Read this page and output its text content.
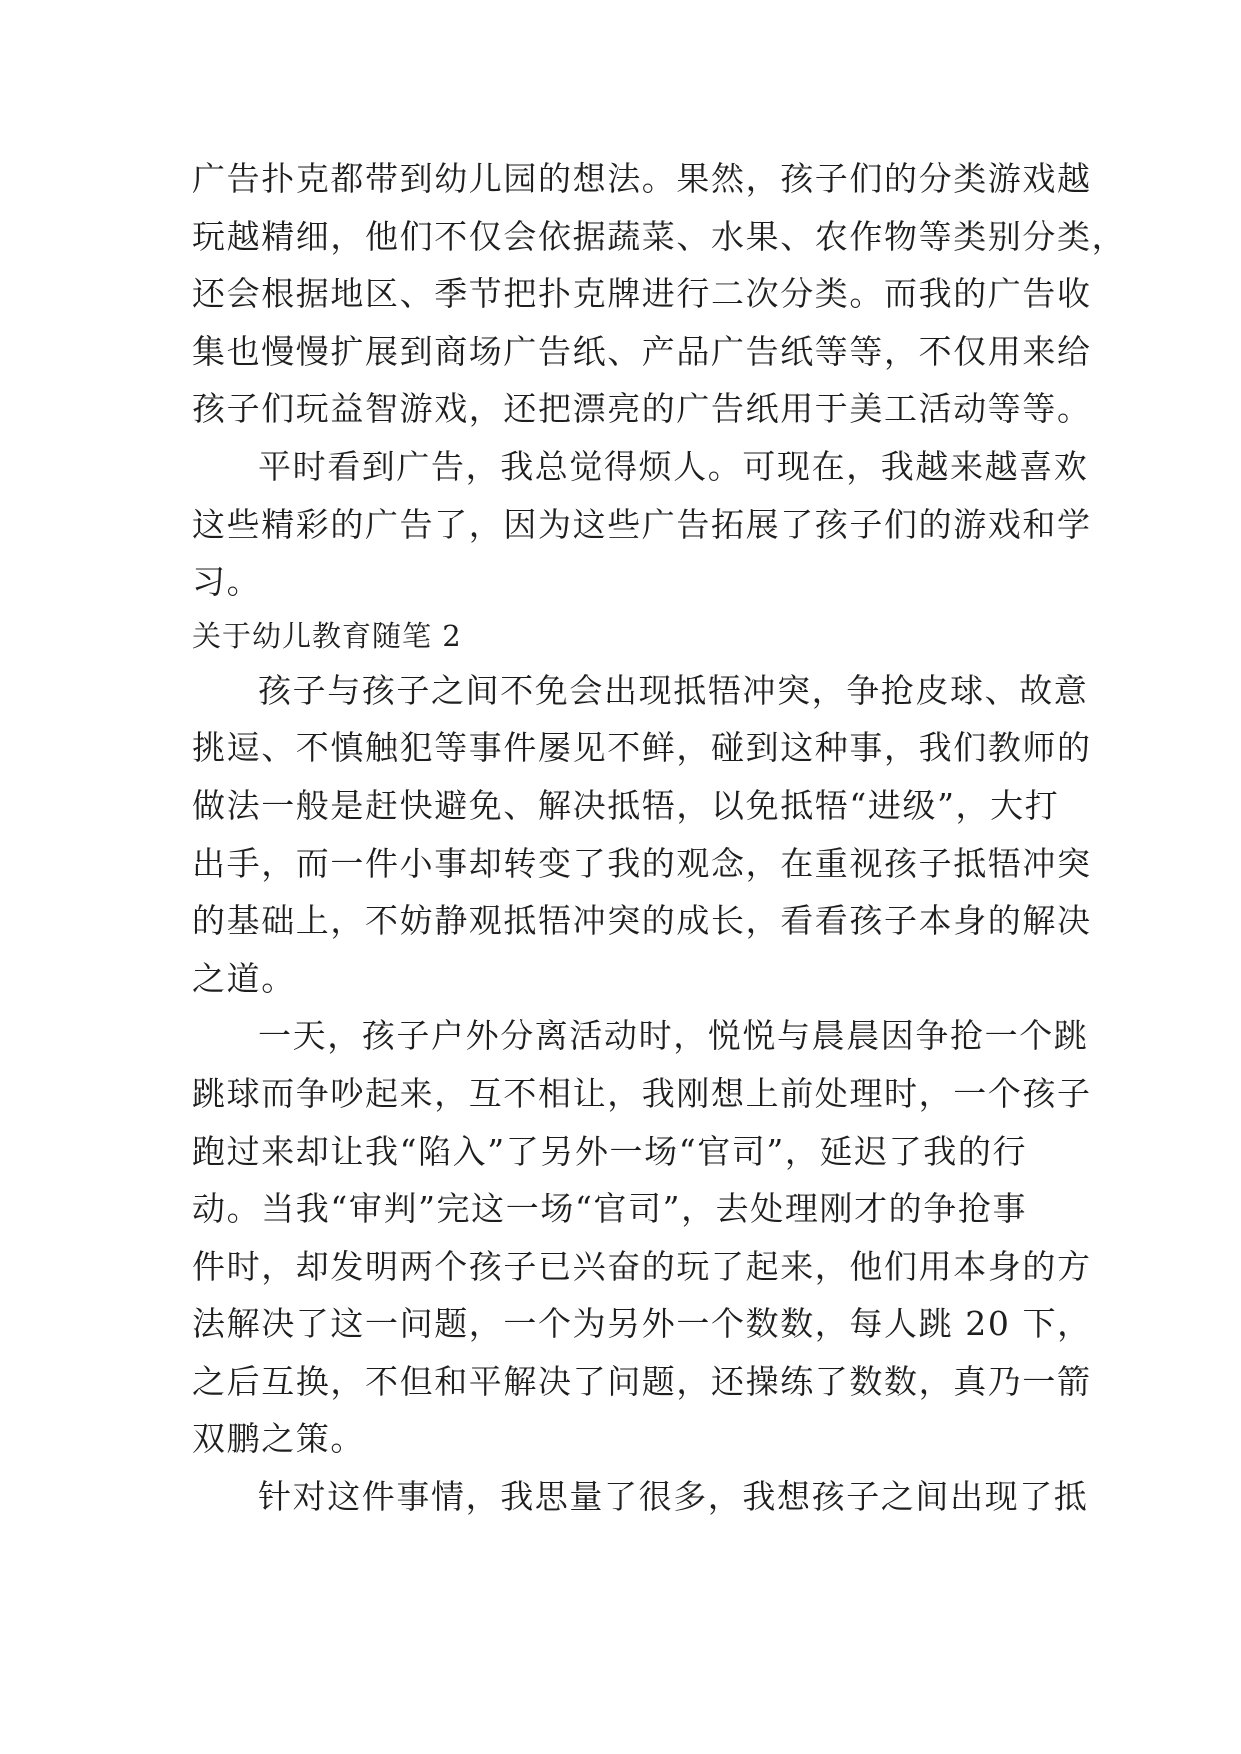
广告扑克都带到幼儿园的想法。果然，孩子们的分类游戏越
玩越精细，他们不仅会依据蔬菜、水果、农作物等类别分类，
还会根据地区、季节把扑克牌进行二次分类。而我的广告收
集也慢慢扩展到商场广告纸、产品广告纸等等，不仅用来给
孩子们玩益智游戏，还把漂亮的广告纸用于美工活动等等。
平时看到广告，我总觉得烦人。可现在，我越来越喜欢
这些精彩的广告了，因为这些广告拓展了孩子们的游戏和学
习。
关于幼儿教育随笔 2
孩子与孩子之间不免会出现抵牾冲突，争抢皮球、故意
挑逗、不慎触犯等事件屡见不鲜，碰到这种事，我们教师的
做法一般是赶快避免、解决抵牾，以免抵牾“进级”，大打
出手，而一件小事却转变了我的观念，在重视孩子抵牾冲突
的基础上，不妨静观抵牾冲突的成长，看看孩子本身的解决
之道。
一天，孩子户外分离活动时，悦悦与晨晨因争抢一个跳
跳球而争吵起来，互不相让，我刚想上前处理时，一个孩子
跑过来却让我“陷入”了另外一场“官司”，延迟了我的行
动。当我“审判”完这一场“官司”，去处理刚才的争抢事
件时，却发明两个孩子已兴奋的玩了起来，他们用本身的方
法解决了这一问题，一个为另外一个数数，每人跳 20 下，
之后互换，不但和平解决了问题，还操练了数数，真乃一箭
双鹏之策。
针对这件事情，我思量了很多，我想孩子之间出现了抵
